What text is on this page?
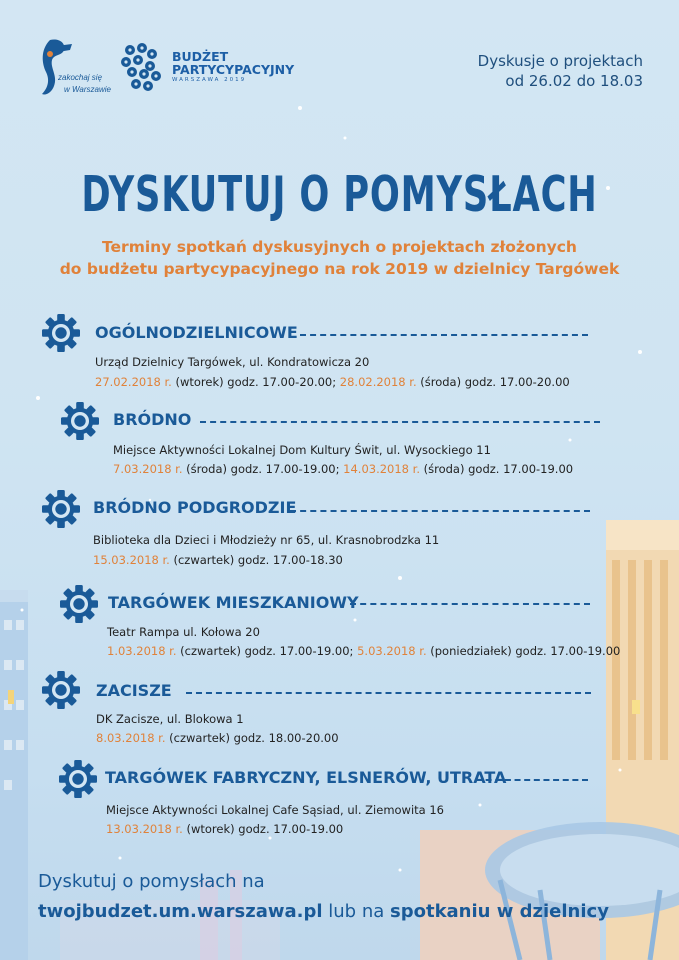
zakochaj się
w Warszawie
BUDŻET
PARTYCYPACYJNY
WARSZAWA 2019
Dyskusje o projektach
od 26.02 do 18.03
DYSKUTUJ O POMYSŁACH
Terminy spotkań dyskusyjnych o projektach złożonych
do budżetu partycypacyjnego na rok 2019 w dzielnicy Targówek
OGÓLNODZIELNICOWE
Urząd Dzielnicy Targówek, ul. Kondratowicza 20
27.02.2018 r. (wtorek) godz. 17.00-20.00; 28.02.2018 r. (środa) godz. 17.00-20.00
BRÓDNO
Miejsce Aktywności Lokalnej Dom Kultury Świt, ul. Wysockiego 11
7.03.2018 r. (środa) godz. 17.00-19.00; 14.03.2018 r. (środa) godz. 17.00-19.00
BRÓDNO PODGRODZIE
Biblioteka dla Dzieci i Młodzieży nr 65, ul. Krasnobrodzka 11
15.03.2018 r. (czwartek) godz. 17.00-18.30
TARGÓWEK MIESZKANIOWY
Teatr Rampa ul. Kołowa 20
1.03.2018 r. (czwartek) godz. 17.00-19.00; 5.03.2018 r. (poniedziałek) godz. 17.00-19.00
ZACISZE
DK Zacisze, ul. Blokowa 1
8.03.2018 r. (czwartek) godz. 18.00-20.00
TARGÓWEK FABRYCZNY, ELSNERÓW, UTRATA
Miejsce Aktywności Lokalnej Cafe Sąsiad, ul. Ziemowita 16
13.03.2018 r. (wtorek) godz. 17.00-19.00
Dyskutuj o pomysłach na
twojbudzet.um.warszawa.pl lub na spotkaniu w dzielnicy
